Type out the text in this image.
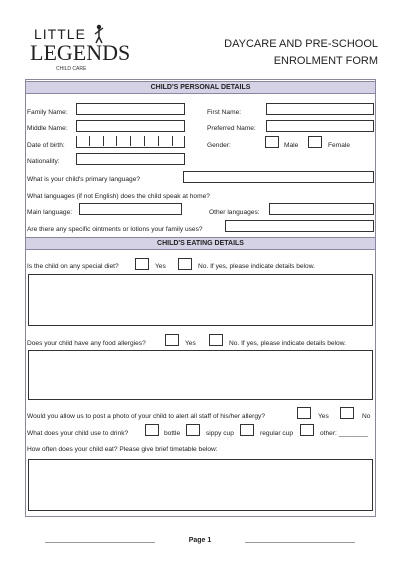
LITTLE
LEGENDS
CHILD CARE
DAYCARE AND PRE-SCHOOL
ENROLMENT FORM
CHILD'S PERSONAL DETAILS
Family Name:	First Name:
Middle Name:	Preferred Name:
Date of birth:	Gender:	Male	Female
Nationality:
What is your child's primary language?
What languages (if not English) does the child speak at home?
Main language:	Other languages:
Are there any specific ointments or lotions your family uses?
CHILD'S EATING DETAILS
Is the child on any special diet?	Yes	No. If yes, please indicate details below.
Does your child have any food allergies?	Yes	No. If yes, please indicate details below.
Would you allow us to post a photo of your child to alert all staff of his/her allergy?	Yes	No
What does your child use to drink?	bottle	sippy cup	regular cup	other: ________
How often does your child eat? Please give brief timetable below:
Page 1
